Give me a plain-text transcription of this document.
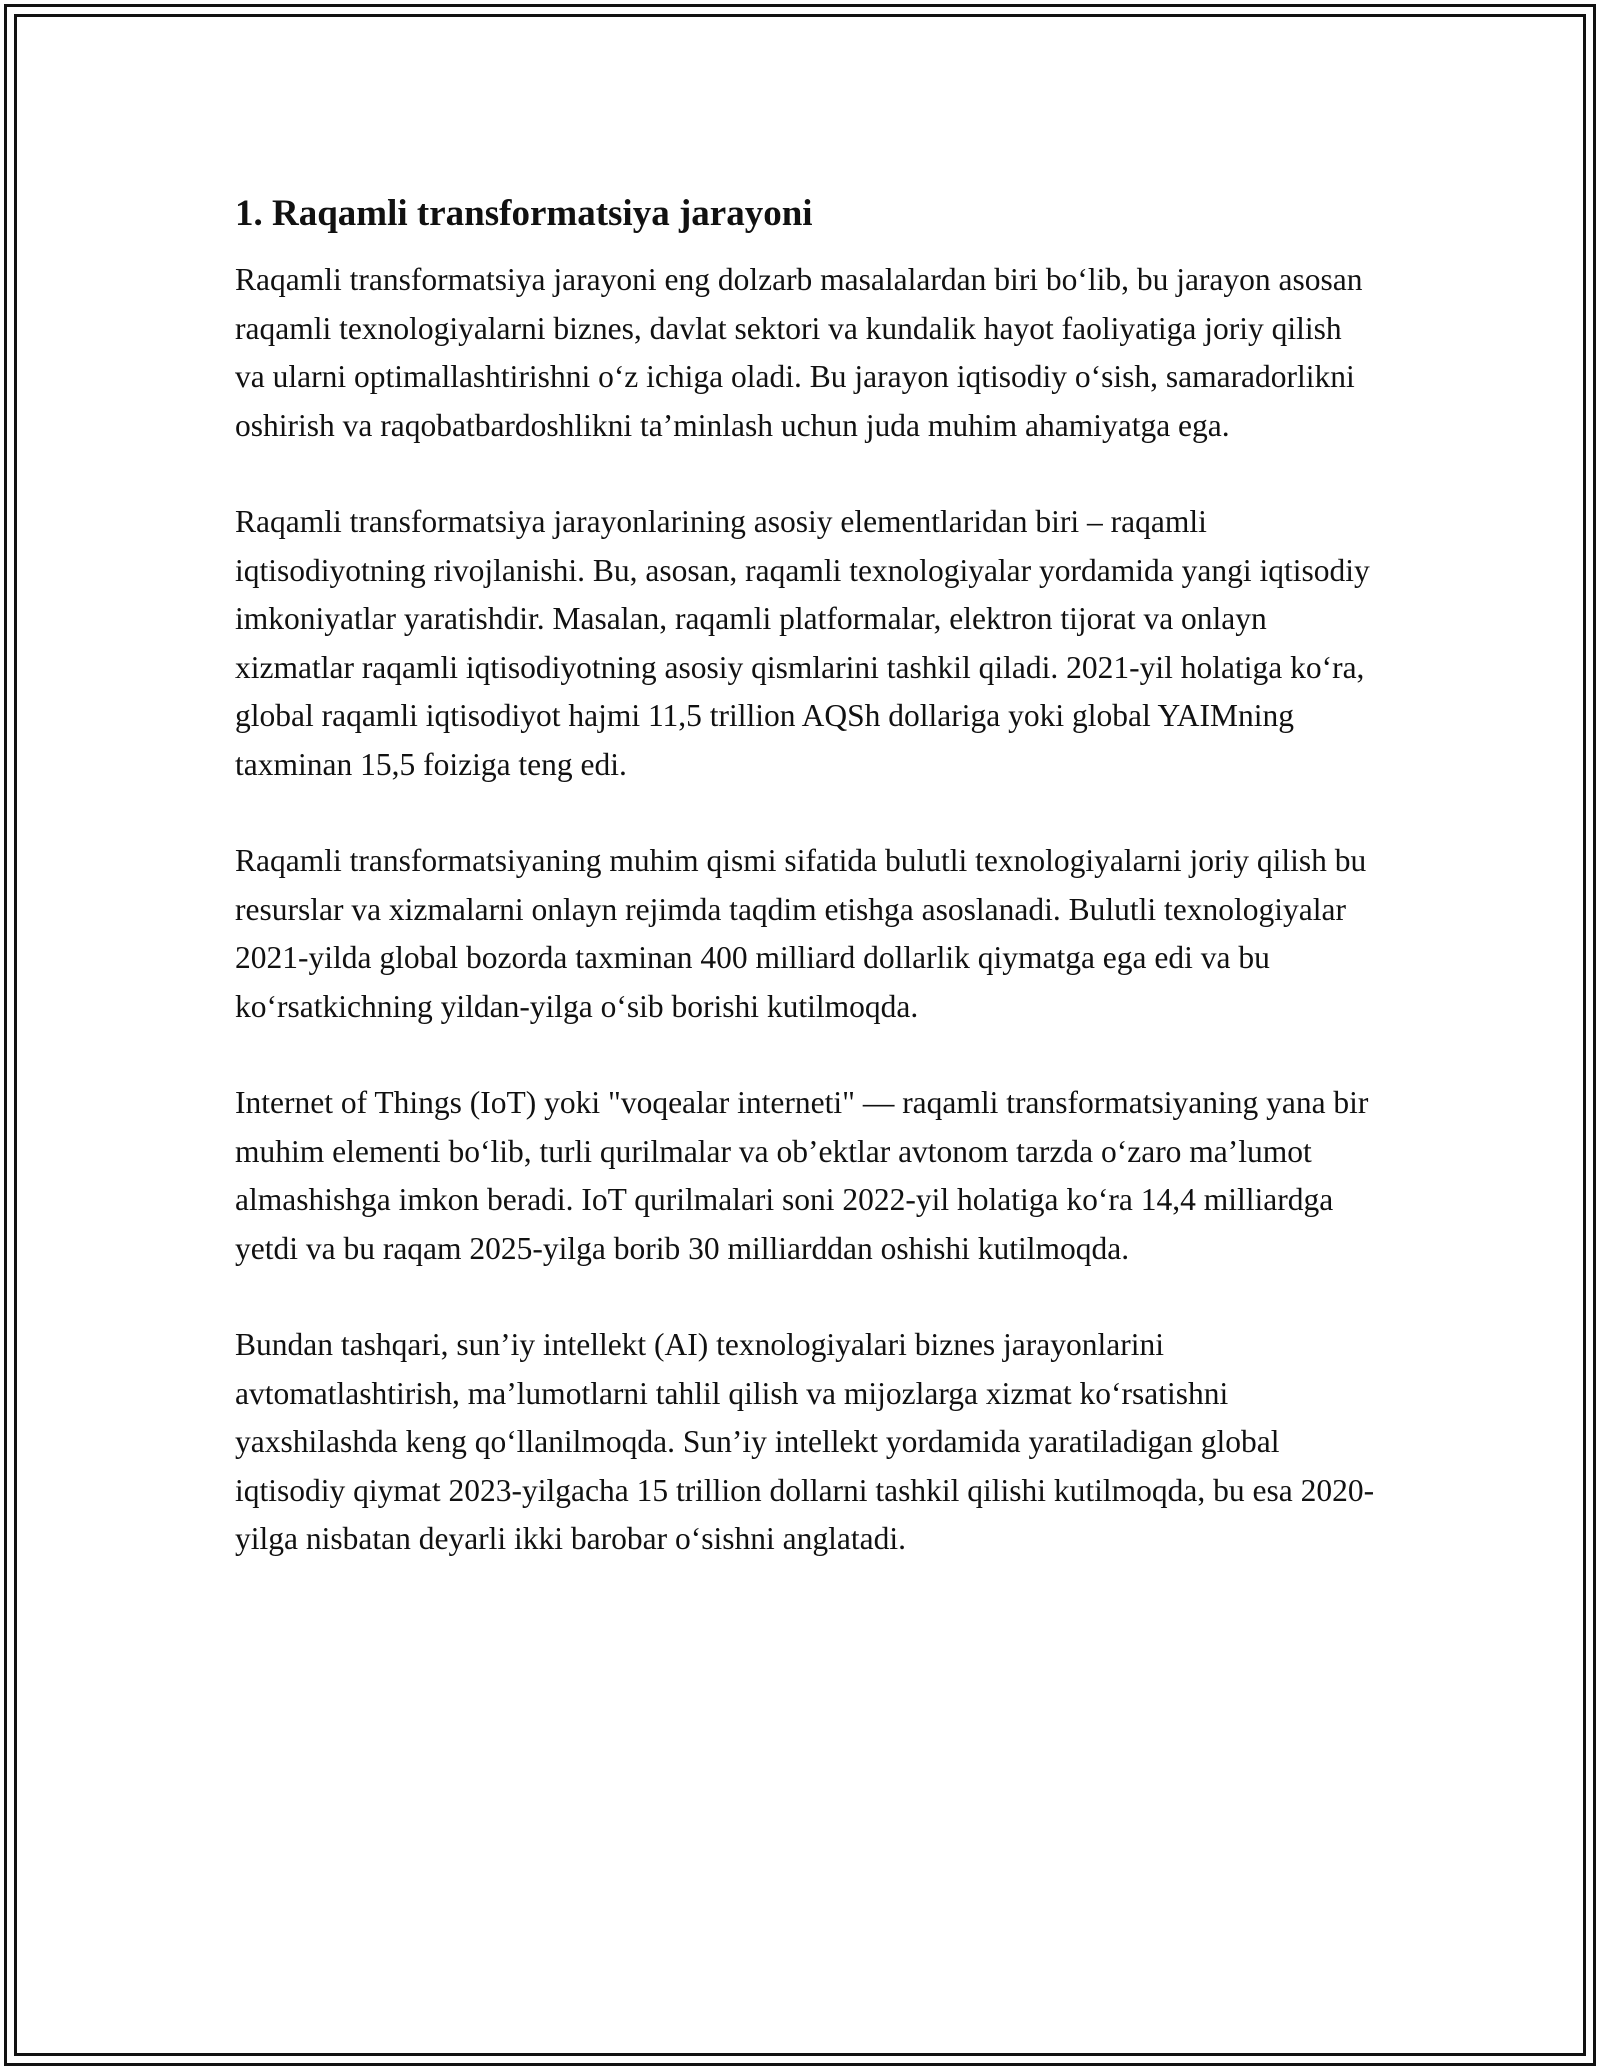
1. Raqamli transformatsiya jarayoni

Raqamli transformatsiya jarayoni eng dolzarb masalalardan biri bo‘lib, bu jarayon asosan raqamli texnologiyalarni biznes, davlat sektori va kundalik hayot faoliyatiga joriy qilish va ularni optimallashtirishni o‘z ichiga oladi. Bu jarayon iqtisodiy o‘sish, samaradorlikni oshirish va raqobatbardoshlikni ta’minlash uchun juda muhim ahamiyatga ega.

Raqamli transformatsiya jarayonlarining asosiy elementlaridan biri – raqamli iqtisodiyotning rivojlanishi. Bu, asosan, raqamli texnologiyalar yordamida yangi iqtisodiy imkoniyatlar yaratishdir. Masalan, raqamli platformalar, elektron tijorat va onlayn xizmatlar raqamli iqtisodiyotning asosiy qismlarini tashkil qiladi. 2021-yil holatiga ko‘ra, global raqamli iqtisodiyot hajmi 11,5 trillion AQSh dollariga yoki global YAIMning taxminan 15,5 foiziga teng edi.

Raqamli transformatsiyaning muhim qismi sifatida bulutli texnologiyalarni joriy qilish bu resurslar va xizmalarni onlayn rejimda taqdim etishga asoslanadi. Bulutli texnologiyalar 2021-yilda global bozorda taxminan 400 milliard dollarlik qiymatga ega edi va bu ko‘rsatkichning yildan-yilga o‘sib borishi kutilmoqda.

Internet of Things (IoT) yoki "voqealar interneti" — raqamli transformatsiyaning yana bir muhim elementi bo‘lib, turli qurilmalar va ob’ektlar avtonom tarzda o‘zaro ma’lumot almashishga imkon beradi. IoT qurilmalari soni 2022-yil holatiga ko‘ra 14,4 milliardga yetdi va bu raqam 2025-yilga borib 30 milliarddan oshishi kutilmoqda.

Bundan tashqari, sun’iy intellekt (AI) texnologiyalari biznes jarayonlarini avtomatlashtirish, ma’lumotlarni tahlil qilish va mijozlarga xizmat ko‘rsatishni yaxshilashda keng qo‘llanilmoqda. Sun’iy intellekt yordamida yaratiladigan global iqtisodiy qiymat 2023-yilgacha 15 trillion dollarni tashkil qilishi kutilmoqda, bu esa 2020-yilga nisbatan deyarli ikki barobar o‘sishni anglatadi.
